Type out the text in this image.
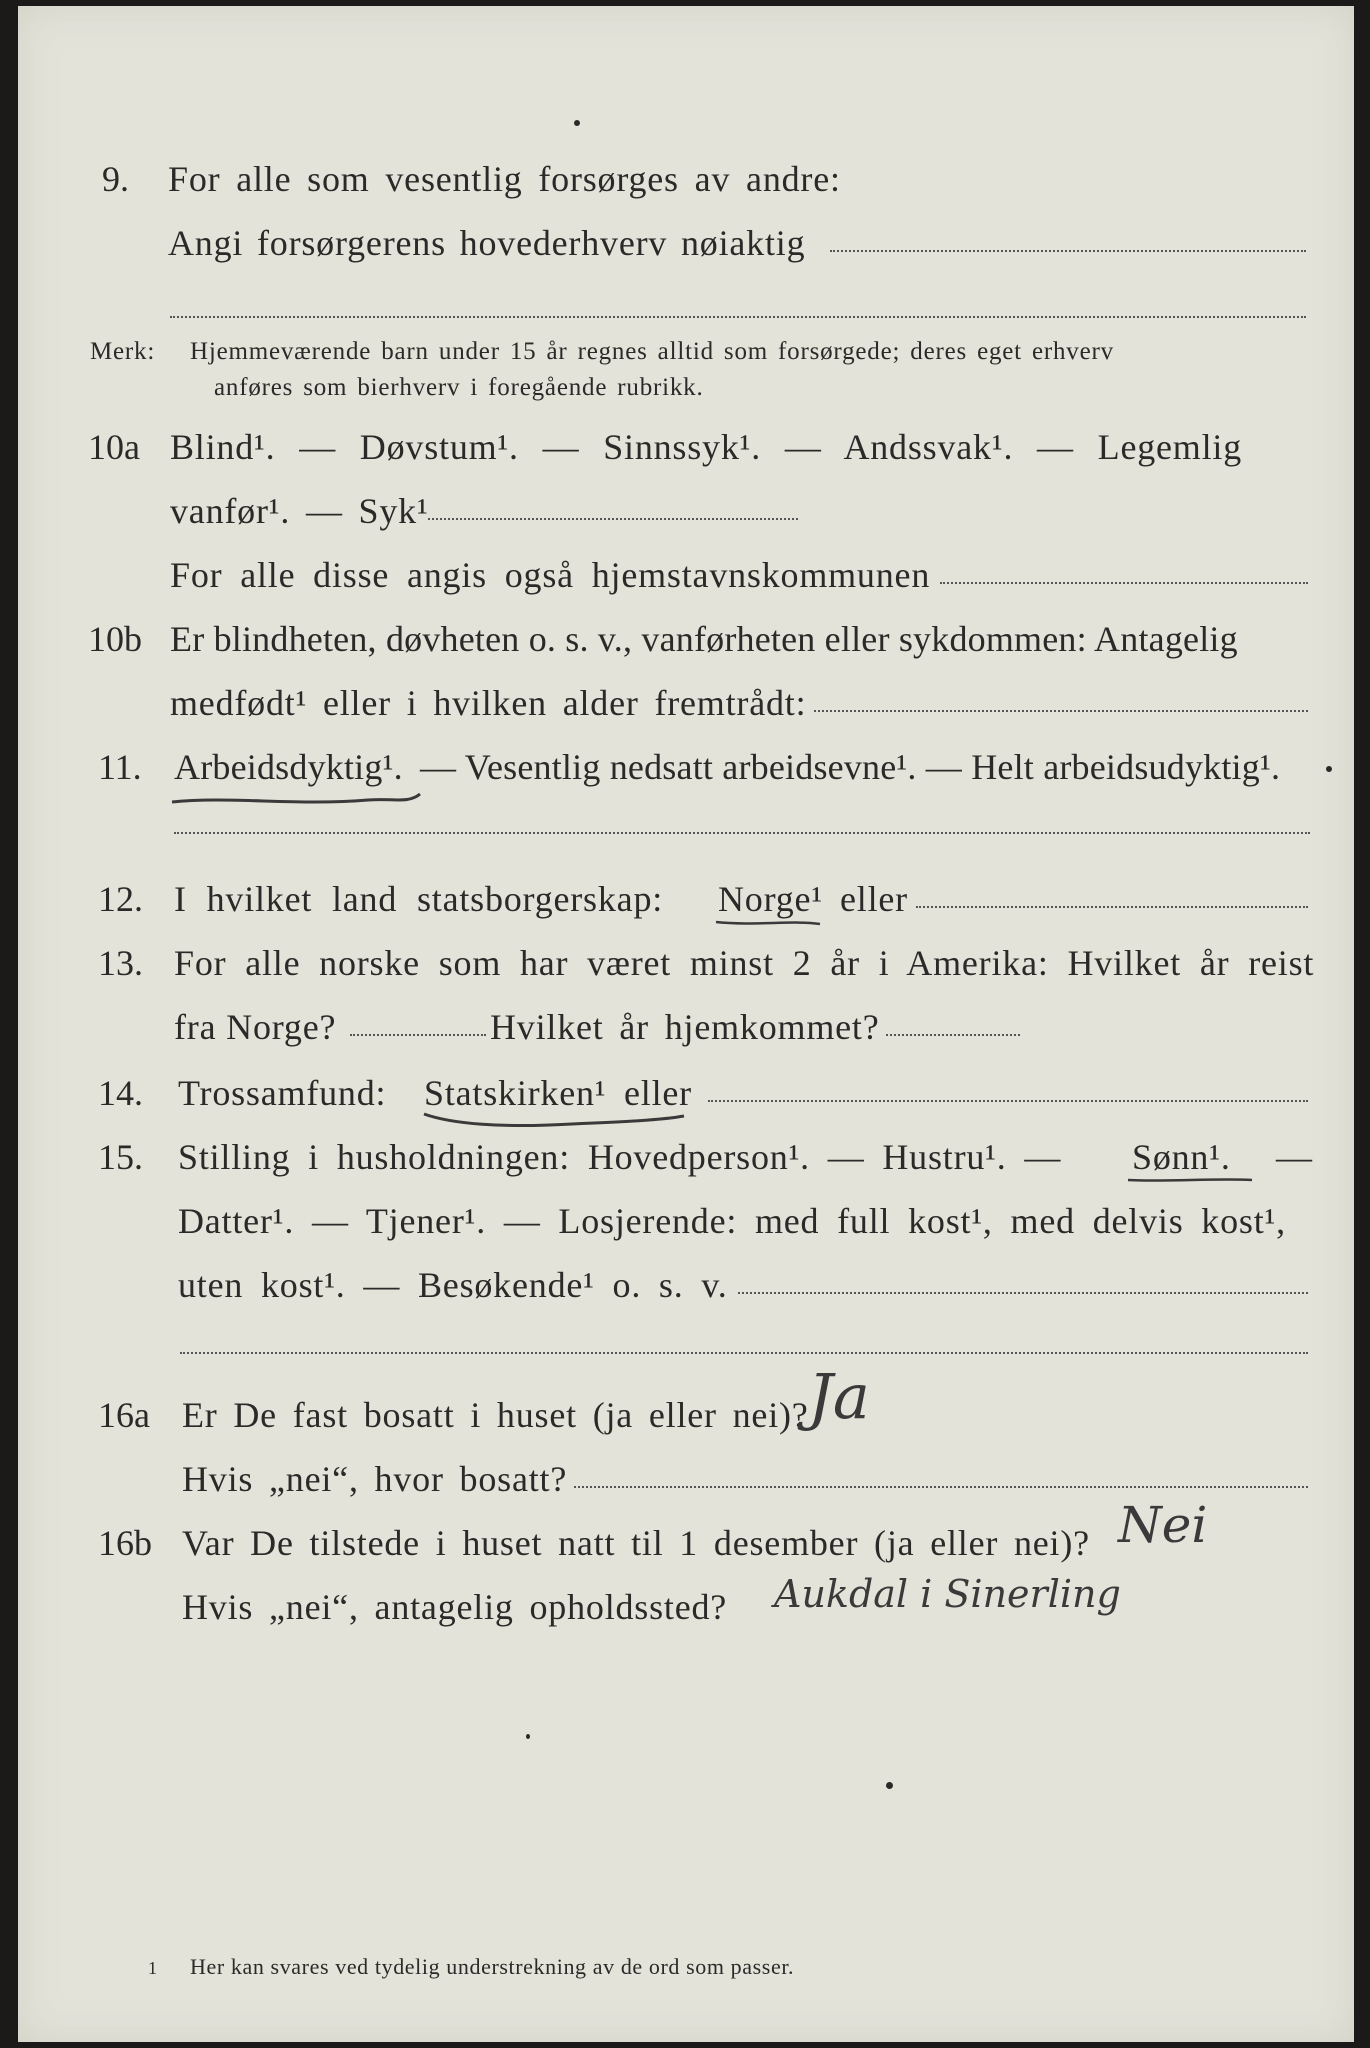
9. For alle som vesentlig forsørges av andre:
Angi forsørgerens hovederhverv nøiaktig
Merk: Hjemmeværende barn under 15 år regnes alltid som forsørgede; deres eget erhverv
anføres som bierhverv i foregående rubrikk.
10a Blind¹. — Døvstum¹. — Sinnssyk¹. — Andssvak¹. — Legemlig
vanfør¹. — Syk¹
For alle disse angis også hjemstavnskommunen
10b Er blindheten, døvheten o. s. v., vanførheten eller sykdommen: Antagelig
medfødt¹ eller i hvilken alder fremtrådt:
11. Arbeidsdyktig¹. — Vesentlig nedsatt arbeidsevne¹. — Helt arbeidsudyktig¹.
12. I hvilket land statsborgerskap: Norge¹ eller
13. For alle norske som har været minst 2 år i Amerika: Hvilket år reist
fra Norge?	Hvilket år hjemkommet?
14. Trossamfund: Statskirken¹ eller
15. Stilling i husholdningen: Hovedperson¹. — Hustru¹. — Sønn¹. —
Datter¹. — Tjener¹. — Losjerende: med full kost¹, med delvis kost¹,
uten kost¹. — Besøkende¹ o. s. v.
16a Er De fast bosatt i huset (ja eller nei)? Ja
Hvis „nei“, hvor bosatt?
16b Var De tilstede i huset natt til 1 desember (ja eller nei)? Nei
Hvis „nei“, antagelig opholdssted? Aukdal i Sinerling
1 Her kan svares ved tydelig understrekning av de ord som passer.
